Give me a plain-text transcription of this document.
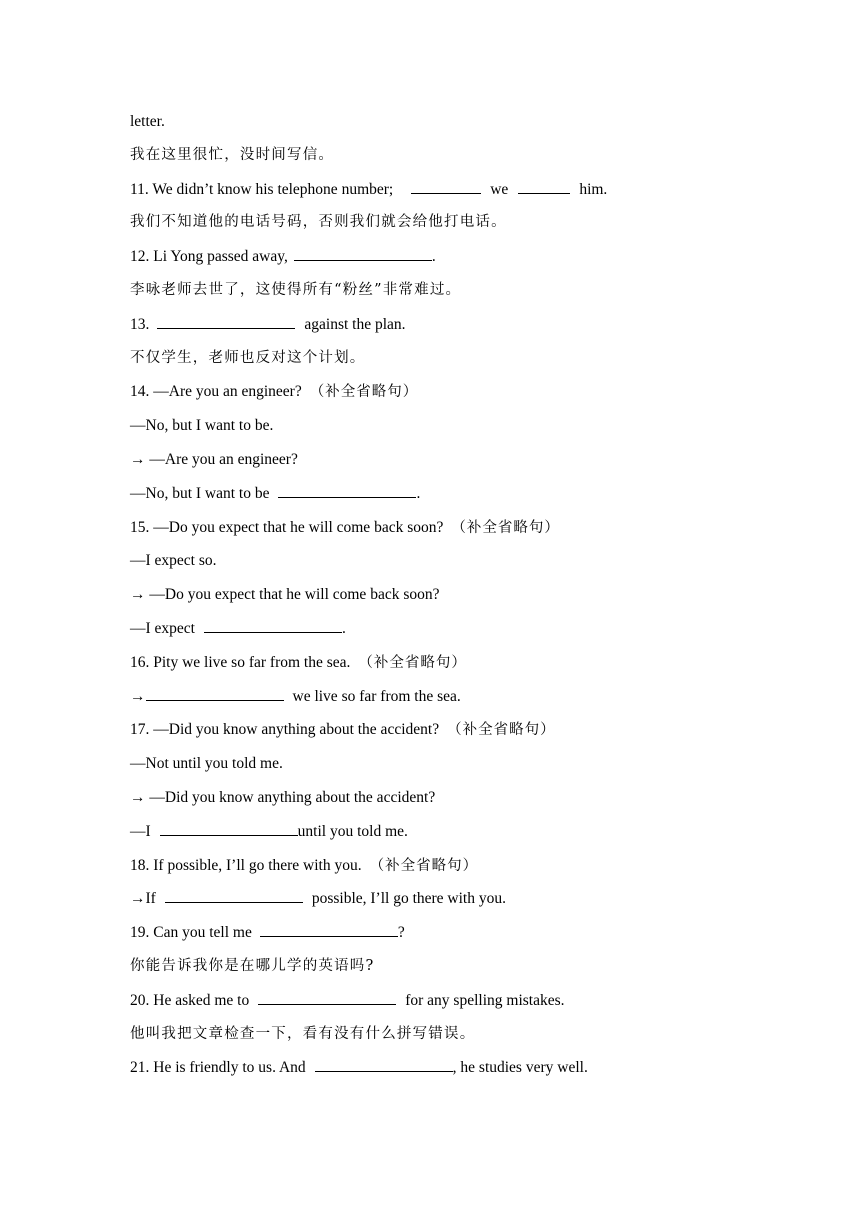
letter.
我在这里很忙，没时间写信。
11. We didn’t know his telephone number;	we	him.
我们不知道他的电话号码，否则我们就会给他打电话。
12. Li Yong passed away,	.
李咏老师去世了，这使得所有“粉丝”非常难过。
13.	against the plan.
不仅学生，老师也反对这个计划。
14. —Are you an engineer? （补全省略句）
—No, but I want to be.
→ —Are you an engineer?
—No, but I want to be	.
15. —Do you expect that he will come back soon? （补全省略句）
—I expect so.
→ —Do you expect that he will come back soon?
—I expect	.
16. Pity we live so far from the sea. （补全省略句）
→	we live so far from the sea.
17. —Did you know anything about the accident? （补全省略句）
—Not until you told me.
→ —Did you know anything about the accident?
—I	until you told me.
18. If possible, I’ll go there with you. （补全省略句）
→If	possible, I’ll go there with you.
19. Can you tell me	?
你能告诉我你是在哪儿学的英语吗?
20. He asked me to	for any spelling mistakes.
他叫我把文章检查一下，看有没有什么拼写错误。
21. He is friendly to us. And	, he studies very well.
